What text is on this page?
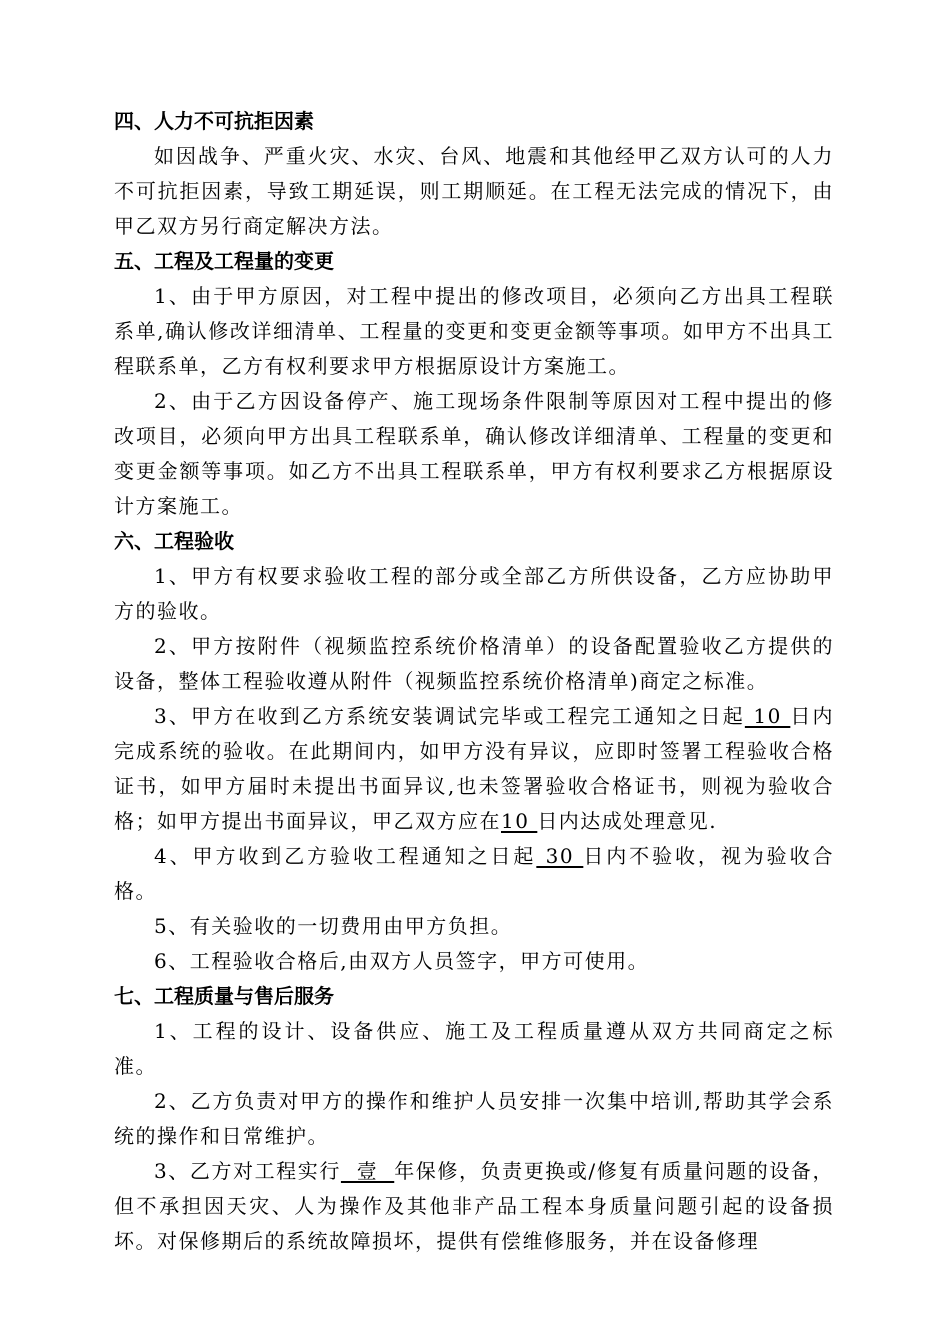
四、人力不可抗拒因素

如因战争、严重火灾、水灾、台风、地震和其他经甲乙双方认可的人力不可抗拒因素，导致工期延误，则工期顺延。在工程无法完成的情况下，由甲乙双方另行商定解决方法。

五、工程及工程量的变更

1、由于甲方原因，对工程中提出的修改项目，必须向乙方出具工程联系单,确认修改详细清单、工程量的变更和变更金额等事项。如甲方不出具工程联系单，乙方有权利要求甲方根据原设计方案施工。

2、由于乙方因设备停产、施工现场条件限制等原因对工程中提出的修改项目，必须向甲方出具工程联系单，确认修改详细清单、工程量的变更和变更金额等事项。如乙方不出具工程联系单，甲方有权利要求乙方根据原设计方案施工。

六、工程验收

1、甲方有权要求验收工程的部分或全部乙方所供设备，乙方应协助甲方的验收。

2、甲方按附件（视频监控系统价格清单）的设备配置验收乙方提供的设备，整体工程验收遵从附件（视频监控系统价格清单)商定之标准。

3、甲方在收到乙方系统安装调试完毕或工程完工通知之日起 10 日内完成系统的验收。在此期间内，如甲方没有异议，应即时签署工程验收合格证书，如甲方届时未提出书面异议,也未签署验收合格证书，则视为验收合格；如甲方提出书面异议，甲乙双方应在10 日内达成处理意见.

4、甲方收到乙方验收工程通知之日起 30 日内不验收，视为验收合格。

5、有关验收的一切费用由甲方负担。

6、工程验收合格后,由双方人员签字，甲方可使用。

七、工程质量与售后服务

1、工程的设计、设备供应、施工及工程质量遵从双方共同商定之标准。

2、乙方负责对甲方的操作和维护人员安排一次集中培训,帮助其学会系统的操作和日常维护。

3、乙方对工程实行  壹  年保修，负责更换或/修复有质量问题的设备，但不承担因天灾、人为操作及其他非产品工程本身质量问题引起的设备损坏。对保修期后的系统故障损坏，提供有偿维修服务，并在设备修理
